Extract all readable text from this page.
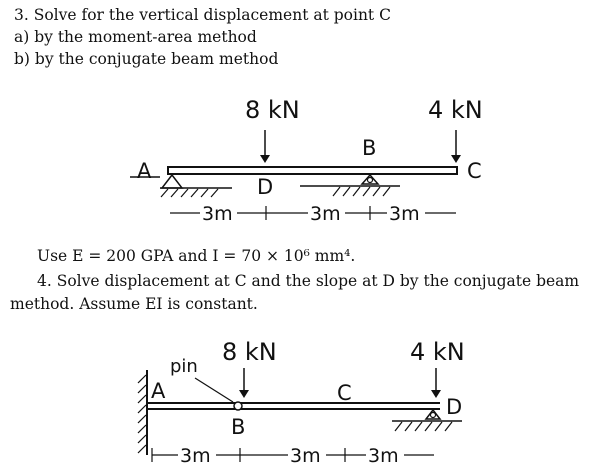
3. Solve for the vertical displacement at point C
a) by the moment-area method
b) by the conjugate beam method
8 kN	4 kN
A
B
C
D
3m	3m	3m
Use E = 200 GPA and I = 70 × 10⁶ mm⁴.
4. Solve displacement at C and the slope at D by the conjugate beam
method. Assume EI is constant.
pin
8 kN	4 kN
A
B
C
D
3m	3m 3m
